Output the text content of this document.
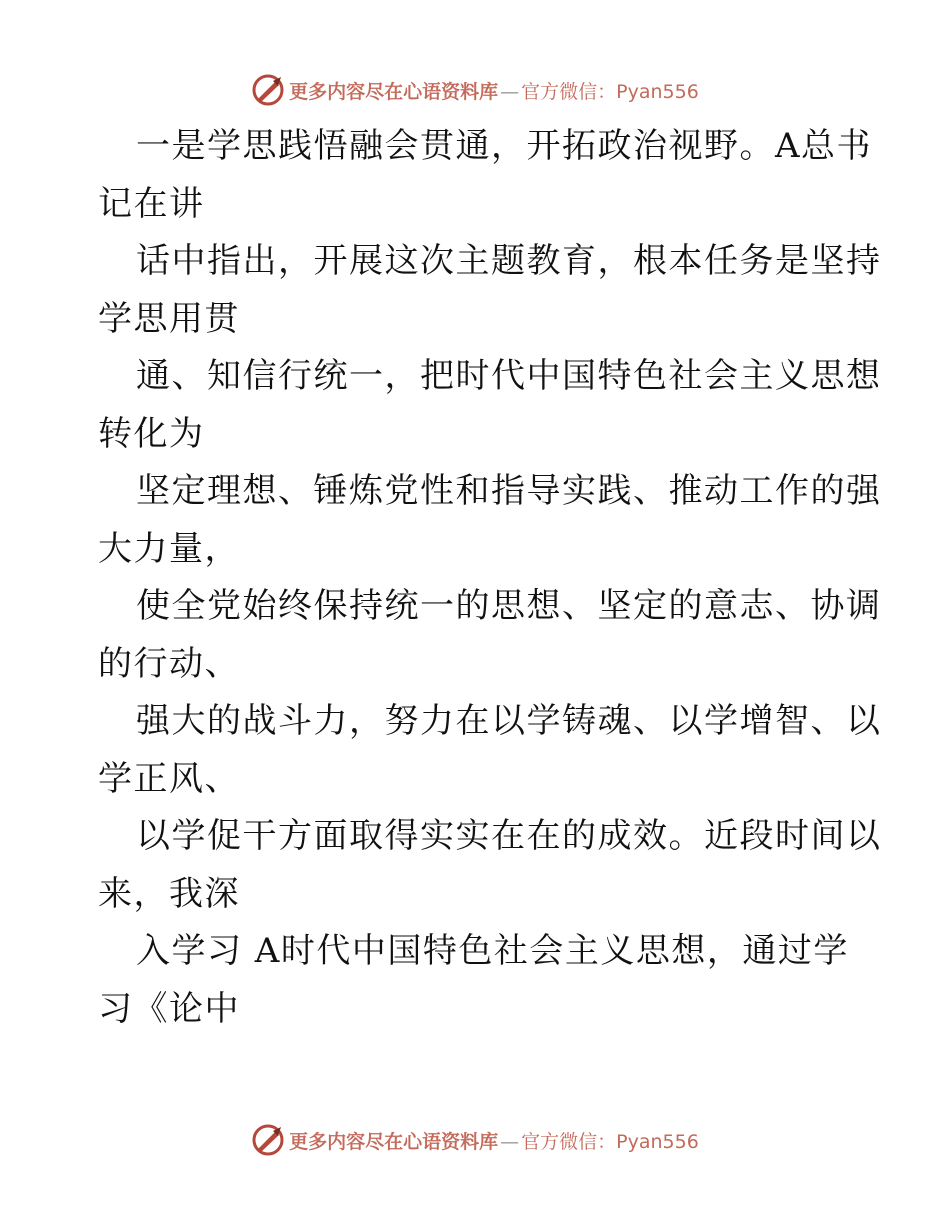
更多内容尽在心语资料库 — 官方微信：Pyan556
一是学思践悟融会贯通，开拓政治视野。A总书
记在讲
话中指出，开展这次主题教育，根本任务是坚持
学思用贯
通、知信行统一，把时代中国特色社会主义思想
转化为
坚定理想、锤炼党性和指导实践、推动工作的强
大力量，
使全党始终保持统一的思想、坚定的意志、协调
的行动、
强大的战斗力，努力在以学铸魂、以学增智、以
学正风、
以学促干方面取得实实在在的成效。近段时间以
来，我深
入学习 A时代中国特色社会主义思想，通过学
习《论中
更多内容尽在心语资料库 — 官方微信：Pyan556
